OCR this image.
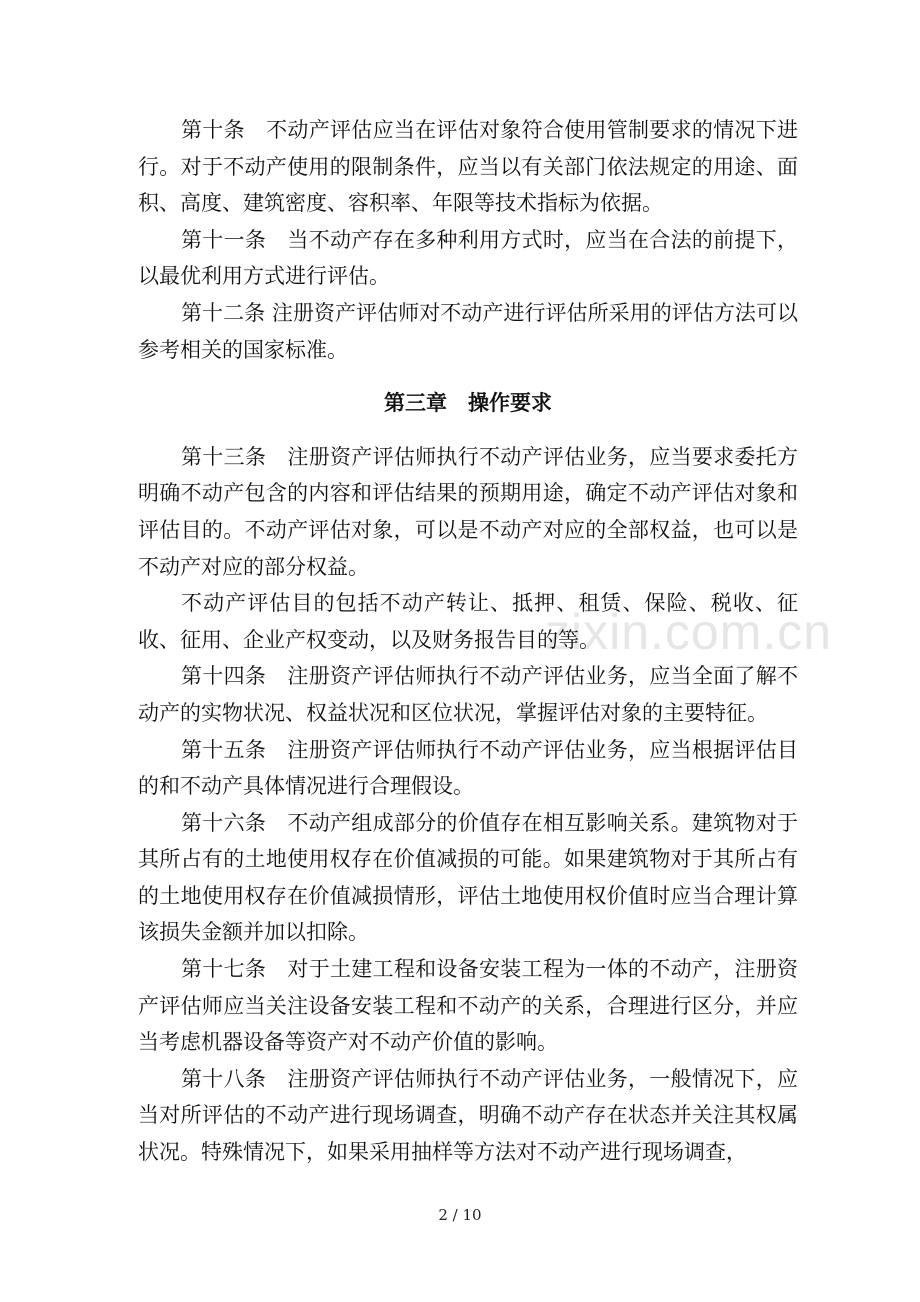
zixin.com.cn

第十条　不动产评估应当在评估对象符合使用管制要求的情况下进行。对于不动产使用的限制条件，应当以有关部门依法规定的用途、面积、高度、建筑密度、容积率、年限等技术指标为依据。

第十一条　当不动产存在多种利用方式时，应当在合法的前提下，以最优利用方式进行评估。

第十二条 注册资产评估师对不动产进行评估所采用的评估方法可以参考相关的国家标准。

第三章　操作要求

第十三条　注册资产评估师执行不动产评估业务，应当要求委托方明确不动产包含的内容和评估结果的预期用途，确定不动产评估对象和评估目的。不动产评估对象，可以是不动产对应的全部权益，也可以是不动产对应的部分权益。

不动产评估目的包括不动产转让、抵押、租赁、保险、税收、征收、征用、企业产权变动，以及财务报告目的等。

第十四条　注册资产评估师执行不动产评估业务，应当全面了解不动产的实物状况、权益状况和区位状况，掌握评估对象的主要特征。

第十五条　注册资产评估师执行不动产评估业务，应当根据评估目的和不动产具体情况进行合理假设。

第十六条　不动产组成部分的价值存在相互影响关系。建筑物对于其所占有的土地使用权存在价值减损的可能。如果建筑物对于其所占有的土地使用权存在价值减损情形，评估土地使用权价值时应当合理计算该损失金额并加以扣除。

第十七条　对于土建工程和设备安装工程为一体的不动产，注册资产评估师应当关注设备安装工程和不动产的关系，合理进行区分，并应当考虑机器设备等资产对不动产价值的影响。

第十八条　注册资产评估师执行不动产评估业务，一般情况下，应当对所评估的不动产进行现场调查，明确不动产存在状态并关注其权属状况。特殊情况下，如果采用抽样等方法对不动产进行现场调查，

2 / 10
